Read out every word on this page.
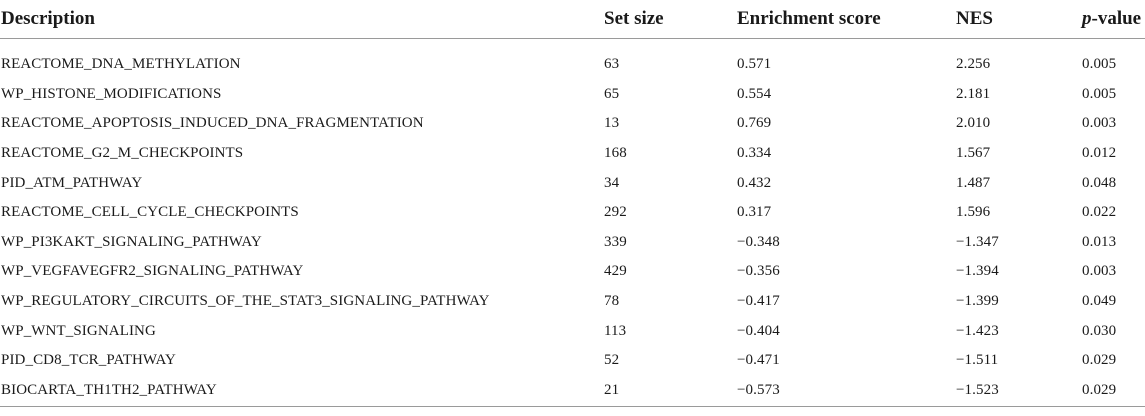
Description	Set size	Enrichment score	NES	p-value

REACTOME_DNA_METHYLATION	63	0.571	2.256	0.005
WP_HISTONE_MODIFICATIONS	65	0.554	2.181	0.005
REACTOME_APOPTOSIS_INDUCED_DNA_FRAGMENTATION	13	0.769	2.010	0.003
REACTOME_G2_M_CHECKPOINTS	168	0.334	1.567	0.012
PID_ATM_PATHWAY	34	0.432	1.487	0.048
REACTOME_CELL_CYCLE_CHECKPOINTS	292	0.317	1.596	0.022
WP_PI3KAKT_SIGNALING_PATHWAY	339	−0.348	−1.347	0.013
WP_VEGFAVEGFR2_SIGNALING_PATHWAY	429	−0.356	−1.394	0.003
WP_REGULATORY_CIRCUITS_OF_THE_STAT3_SIGNALING_PATHWAY	78	−0.417	−1.399	0.049
WP_WNT_SIGNALING	113	−0.404	−1.423	0.030
PID_CD8_TCR_PATHWAY	52	−0.471	−1.511	0.029
BIOCARTA_TH1TH2_PATHWAY	21	−0.573	−1.523	0.029
